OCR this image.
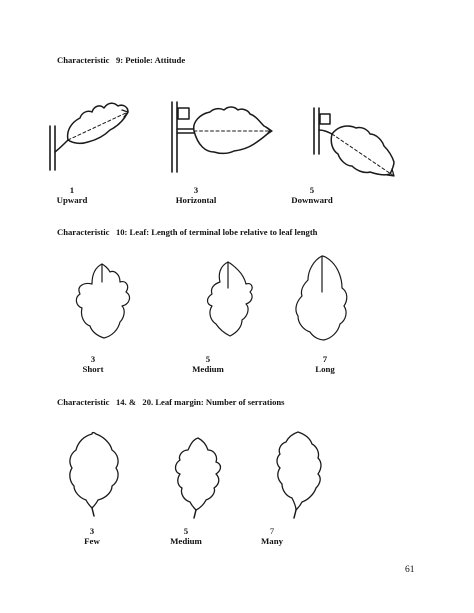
Characteristic   9: Petiole: Attitude
1
Upward
3
Horizontal
5
Downward
Characteristic   10: Leaf: Length of terminal lobe relative to leaf length
3
Short
5
Medium
7
Long
Characteristic   14. &   20. Leaf margin: Number of serrations
3
Few
5
Medium
7
Many
61
